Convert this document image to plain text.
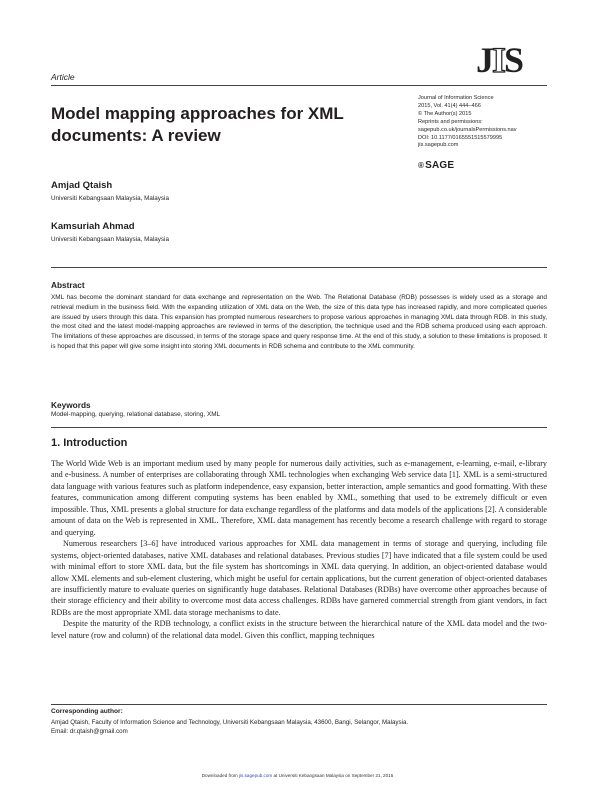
JIS
Article
Model mapping approaches for XML documents: A review
Journal of Information Science
2015, Vol. 41(4) 444–466
© The Author(s) 2015
Reprints and permissions:
sagepub.co.uk/journalsPermissions.nav
DOI: 10.1177/0165551515579995
jis.sagepub.com
®SAGE
Amjad Qtaish
Universiti Kebangsaan Malaysia, Malaysia
Kamsuriah Ahmad
Universiti Kebangsaan Malaysia, Malaysia
Abstract
XML has become the dominant standard for data exchange and representation on the Web. The Relational Database (RDB) possesses is widely used as a storage and retrieval medium in the business field. With the expanding utilization of XML data on the Web, the size of this data type has increased rapidly, and more complicated queries are issued by users through this data. This expansion has prompted numerous researchers to propose various approaches in managing XML data through RDB. In this study, the most cited and the latest model-mapping approaches are reviewed in terms of the description, the technique used and the RDB schema produced using each approach. The limitations of these approaches are discussed, in terms of the storage space and query response time. At the end of this study, a solution to these limitations is proposed. It is hoped that this paper will give some insight into storing XML documents in RDB schema and contribute to the XML community.
Keywords
Model-mapping, querying, relational database, storing, XML
1. Introduction

The World Wide Web is an important medium used by many people for numerous daily activities, such as e-management, e-learning, e-mail, e-library and e-business. A number of enterprises are collaborating through XML technologies when exchanging Web service data [1]. XML is a semi-structured data language with various features such as platform independence, easy expansion, better interaction, ample semantics and good formatting. With these features, communication among different computing systems has been enabled by XML, something that used to be extremely difficult or even impossible. Thus, XML presents a global structure for data exchange regardless of the platforms and data models of the applications [2]. A considerable amount of data on the Web is represented in XML. Therefore, XML data management has recently become a research challenge with regard to storage and querying.

Numerous researchers [3–6] have introduced various approaches for XML data management in terms of storage and querying, including file systems, object-oriented databases, native XML databases and relational databases. Previous studies [7] have indicated that a file system could be used with minimal effort to store XML data, but the file system has shortcomings in XML data querying. In addition, an object-oriented database would allow XML elements and sub-element clustering, which might be useful for certain applications, but the current generation of object-oriented databases are insufficiently mature to evaluate queries on significantly huge databases. Relational Databases (RDBs) have overcome other approaches because of their storage efficiency and their ability to overcome most data access challenges. RDBs have garnered commercial strength from giant vendors, in fact RDBs are the most appropriate XML data storage mechanisms to date.

Despite the maturity of the RDB technology, a conflict exists in the structure between the hierarchical nature of the XML data model and the two-level nature (row and column) of the relational data model. Given this conflict, mapping techniques

Corresponding author:
Amjad Qtaish, Faculty of Information Science and Technology, Universiti Kebangsaan Malaysia, 43600, Bangi, Selangor, Malaysia.
Email: dr.qtaish@gmail.com
Downloaded from jis.sagepub.com at Universiti Kebangsaan Malaysia on September 21, 2015
